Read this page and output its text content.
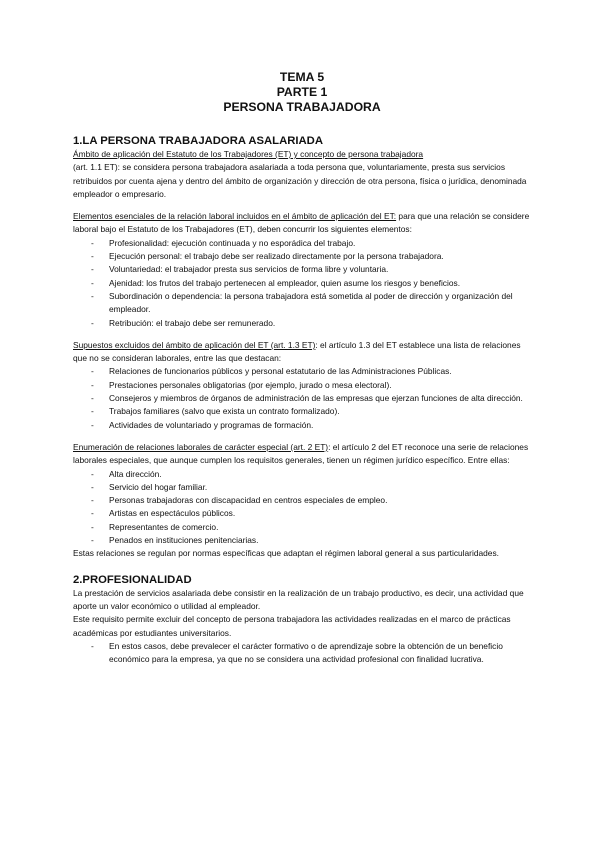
TEMA 5
PARTE 1
PERSONA TRABAJADORA
1.LA PERSONA TRABAJADORA ASALARIADA

Ámbito de aplicación del Estatuto de los Trabajadores (ET) y concepto de persona trabajadora
(art. 1.1 ET): se considera persona trabajadora asalariada a toda persona que, voluntariamente, presta sus servicios retribuidos por cuenta ajena y dentro del ámbito de organización y dirección de otra persona, física o jurídica, denominada empleador o empresario.

Elementos esenciales de la relación laboral incluidos en el ámbito de aplicación del ET: para que una relación se considere laboral bajo el Estatuto de los Trabajadores (ET), deben concurrir los siguientes elementos:

- Profesionalidad: ejecución continuada y no esporádica del trabajo.
- Ejecución personal: el trabajo debe ser realizado directamente por la persona trabajadora.
- Voluntariedad: el trabajador presta sus servicios de forma libre y voluntaria.
- Ajenidad: los frutos del trabajo pertenecen al empleador, quien asume los riesgos y beneficios.
- Subordinación o dependencia: la persona trabajadora está sometida al poder de dirección y organización del empleador.
- Retribución: el trabajo debe ser remunerado.

Supuestos excluidos del ámbito de aplicación del ET (art. 1.3 ET): el artículo 1.3 del ET establece una lista de relaciones que no se consideran laborales, entre las que destacan:

- Relaciones de funcionarios públicos y personal estatutario de las Administraciones Públicas.
- Prestaciones personales obligatorias (por ejemplo, jurado o mesa electoral).
- Consejeros y miembros de órganos de administración de las empresas que ejerzan funciones de alta dirección.
- Trabajos familiares (salvo que exista un contrato formalizado).
- Actividades de voluntariado y programas de formación.

Enumeración de relaciones laborales de carácter especial (art. 2 ET): el artículo 2 del ET reconoce una serie de relaciones laborales especiales, que aunque cumplen los requisitos generales, tienen un régimen jurídico específico. Entre ellas:

- Alta dirección.
- Servicio del hogar familiar.
- Personas trabajadoras con discapacidad en centros especiales de empleo.
- Artistas en espectáculos públicos.
- Representantes de comercio.
- Penados en instituciones penitenciarias.

Estas relaciones se regulan por normas específicas que adaptan el régimen laboral general a sus particularidades.

2.PROFESIONALIDAD

La prestación de servicios asalariada debe consistir en la realización de un trabajo productivo, es decir, una actividad que aporte un valor económico o utilidad al empleador.

Este requisito permite excluir del concepto de persona trabajadora las actividades realizadas en el marco de prácticas académicas por estudiantes universitarios.

- En estos casos, debe prevalecer el carácter formativo o de aprendizaje sobre la obtención de un beneficio económico para la empresa, ya que no se considera una actividad profesional con finalidad lucrativa.
